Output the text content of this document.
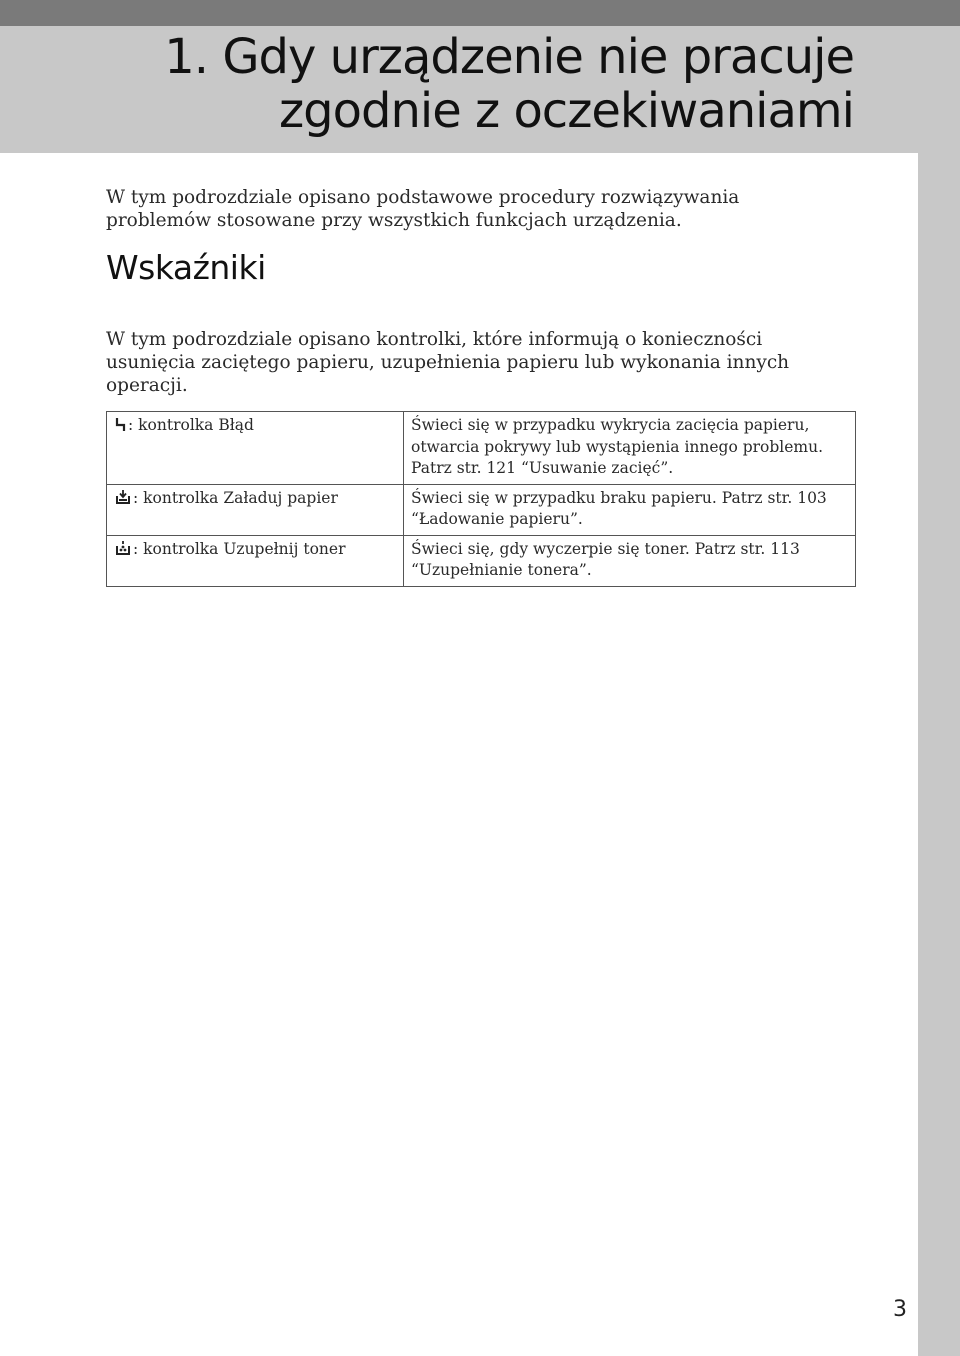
1. Gdy urządzenie nie pracuje
zgodnie z oczekiwaniami

W tym podrozdziale opisano podstawowe procedury rozwiązywania problemów stosowane przy wszystkich funkcjach urządzenia.

Wskaźniki

W tym podrozdziale opisano kontrolki, które informują o konieczności usunięcia zaciętego papieru, uzupełnienia papieru lub wykonania innych operacji.

: kontrolka Błąd	Świeci się w przypadku wykrycia zacięcia papieru, otwarcia pokrywy lub wystąpienia innego problemu. Patrz str. 121 “Usuwanie zacięć”.
: kontrolka Załaduj papier	Świeci się w przypadku braku papieru. Patrz str. 103 “Ładowanie papieru”.
: kontrolka Uzupełnij toner	Świeci się, gdy wyczerpie się toner. Patrz str. 113 “Uzupełnianie tonera”.
3
